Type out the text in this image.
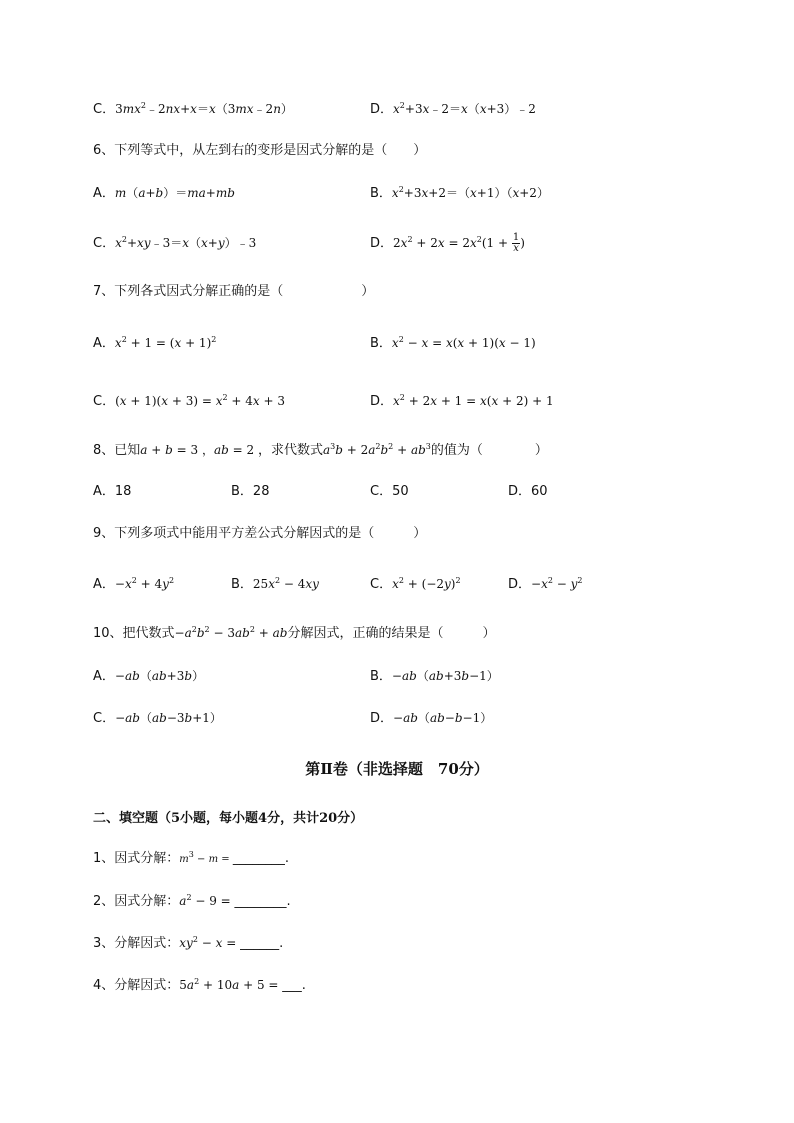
C．$3mx^2﹣2nx+x=x(3mx﹣2n)$	D．$x^2+3x﹣2=x(x+3)﹣2$
6、下列等式中，从左到右的变形是因式分解的是（　　）
A．m（a+b）＝ma+mb	B．$x^2+3x+2=(x+1)(x+2)$
C．$x^2+xy﹣3=x(x+y)﹣3$	D．$2x^2 + 2x = 2x^2(1 + \frac{1}{x}$ )
7、下列各式因式分解正确的是（　　　　　　）
A．$x^2 + 1 = (x + 1)^2$	B．$x^2 - x = x(x + 1)(x - 1)$
C．$(x + 1)(x + 3) = x^2 + 4x + 3$	D．$x^2 + 2x + 1 = x(x + 2) + 1$
8、已知a + b = 3 ，ab = 2 ，求代数式$a^3b + 2a^2b^2 + ab^3$的值为（　　　　）
A．18	B．28	C．50	D．60
9、下列多项式中能用平方差公式分解因式的是（　　　）
A．$-x^2 + 4y^2$	B．$25x^2 - 4xy$	C．$x^2 + (-2y)^2$	D．$-x^2 - y^2$
10、把代数式$-a^2b^2 - 3ab^2$ + ab分解因式，正确的结果是（　　　）
A．−ab（ab+3b）	B．−ab（ab+3b−1）
C．−ab（ab−3b+1）	D．−ab（ab−b−1）
第Ⅱ卷（非选择题　70分）
二、填空题（5小题，每小题4分，共计20分）
1、因式分解：$m^3 - m$ = ________.
2、因式分解：$a^2 - 9$ = ________.
3、分解因式：$xy^2 - x$ = ______.
4、分解因式：$5a^2 + 10a + 5$ = ___.
